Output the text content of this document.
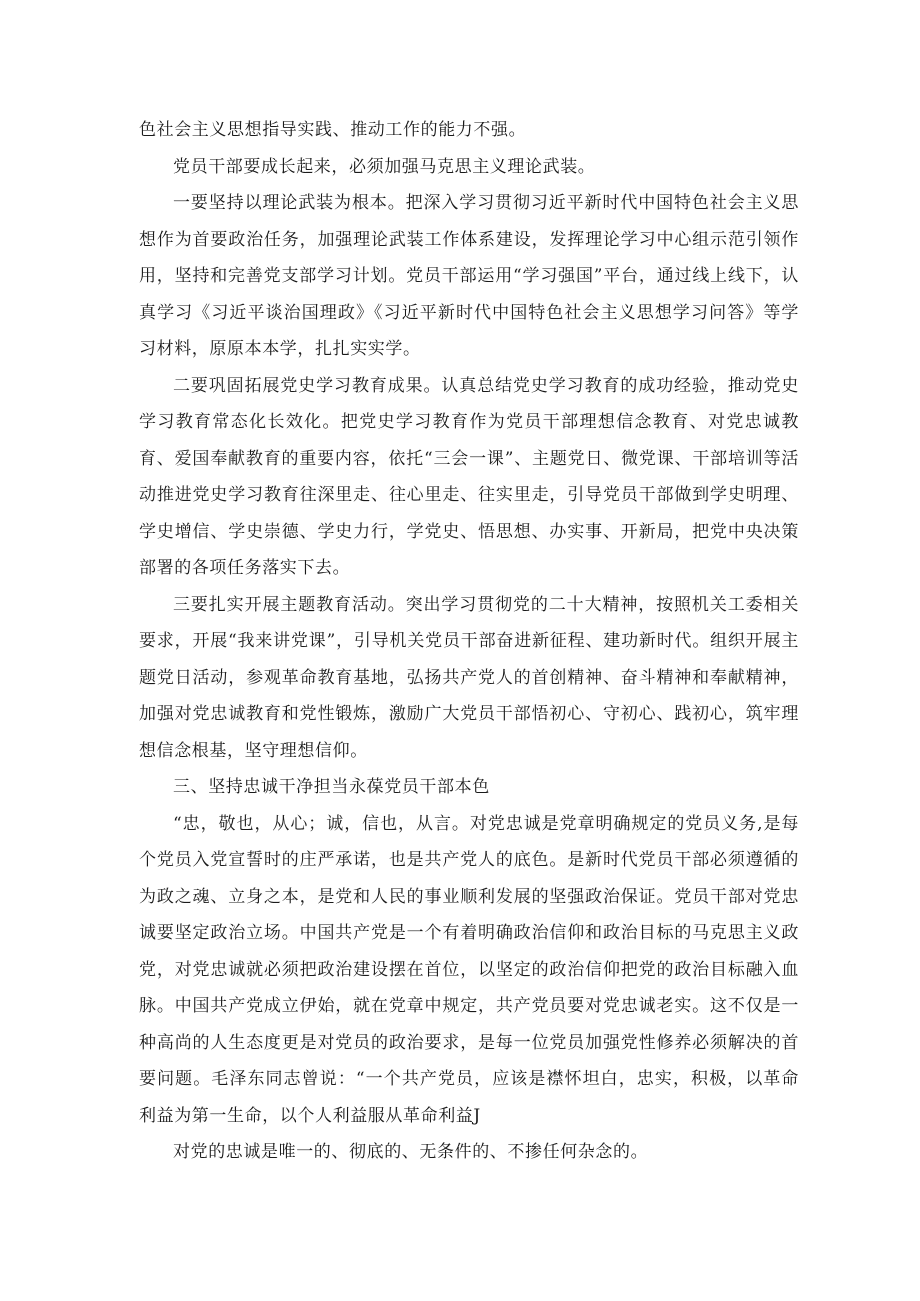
色社会主义思想指导实践、推动工作的能力不强。

党员干部要成长起来，必须加强马克思主义理论武装。

一要坚持以理论武装为根本。把深入学习贯彻习近平新时代中国特色社会主义思想作为首要政治任务，加强理论武装工作体系建设，发挥理论学习中心组示范引领作用，坚持和完善党支部学习计划。党员干部运用“学习强国”平台，通过线上线下，认真学习《习近平谈治国理政》《习近平新时代中国特色社会主义思想学习问答》等学习材料，原原本本学，扎扎实实学。

二要巩固拓展党史学习教育成果。认真总结党史学习教育的成功经验，推动党史学习教育常态化长效化。把党史学习教育作为党员干部理想信念教育、对党忠诚教育、爱国奉献教育的重要内容，依托“三会一课”、主题党日、微党课、干部培训等活动推进党史学习教育往深里走、往心里走、往实里走，引导党员干部做到学史明理、学史增信、学史崇德、学史力行，学党史、悟思想、办实事、开新局，把党中央决策部署的各项任务落实下去。

三要扎实开展主题教育活动。突出学习贯彻党的二十大精神，按照机关工委相关要求，开展“我来讲党课”，引导机关党员干部奋进新征程、建功新时代。组织开展主题党日活动，参观革命教育基地，弘扬共产党人的首创精神、奋斗精神和奉献精神，加强对党忠诚教育和党性锻炼，激励广大党员干部悟初心、守初心、践初心，筑牢理想信念根基，坚守理想信仰。

三、坚持忠诚干净担当永葆党员干部本色

“忠，敬也，从心；诚，信也，从言。对党忠诚是党章明确规定的党员义务,是每个党员入党宣誓时的庄严承诺，也是共产党人的底色。是新时代党员干部必须遵循的为政之魂、立身之本，是党和人民的事业顺利发展的坚强政治保证。党员干部对党忠诚要坚定政治立场。中国共产党是一个有着明确政治信仰和政治目标的马克思主义政党，对党忠诚就必须把政治建设摆在首位，以坚定的政治信仰把党的政治目标融入血脉。中国共产党成立伊始，就在党章中规定，共产党员要对党忠诚老实。这不仅是一种高尚的人生态度更是对党员的政治要求，是每一位党员加强党性修养必须解决的首要问题。毛泽东同志曾说：“一个共产党员，应该是襟怀坦白，忠实，积极，以革命利益为第一生命，以个人利益服从革命利益J

对党的忠诚是唯一的、彻底的、无条件的、不掺任何杂念的。
